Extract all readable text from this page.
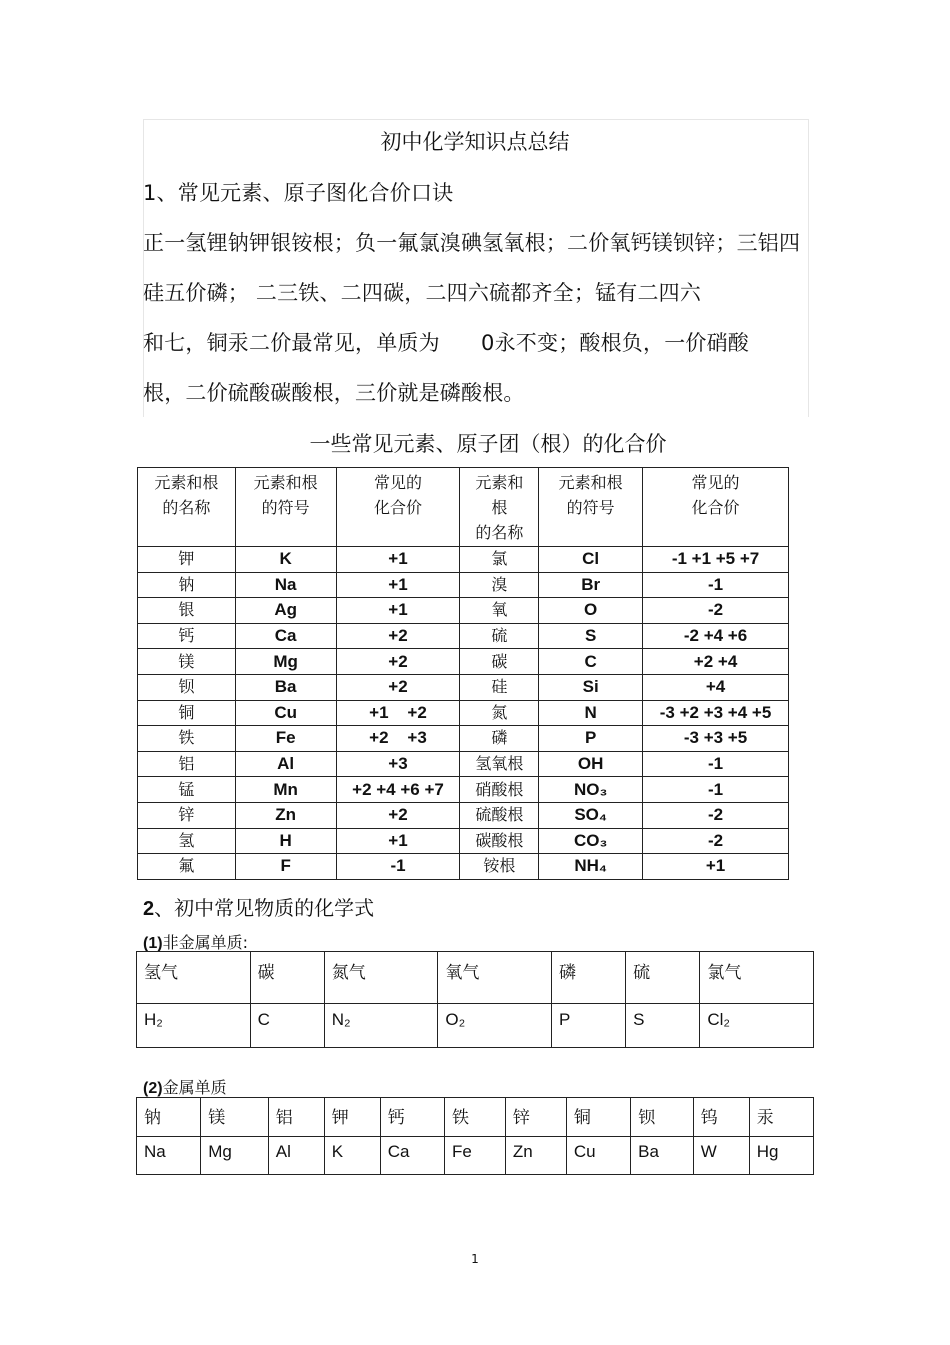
初中化学知识点总结
1、常见元素、原子图化合价口诀
正一氢锂钠钾银铵根；负一氟氯溴碘氢氧根；二价氧钙镁钡锌；三铝四
硅五价磷； 二三铁、二四碳，二四六硫都齐全；锰有二四六
和七，铜汞二价最常见，单质为      0永不变；酸根负，一价硝酸
根，二价硫酸碳酸根，三价就是磷酸根。
一些常见元素、原子团（根）的化合价
元素和根
的名称	元素和根
的符号	常见的
化合价	元素和
根
的名称	元素和根
的符号	常见的
化合价
钾	K	+1	氯	Cl	-1 +1 +5 +7
钠	Na	+1	溴	Br	-1
银	Ag	+1	氧	O	-2
钙	Ca	+2	硫	S	-2 +4 +6
镁	Mg	+2	碳	C	+2 +4
钡	Ba	+2	硅	Si	+4
铜	Cu	+1    +2	氮	N	-3 +2 +3 +4 +5
铁	Fe	+2    +3	磷	P	-3 +3 +5
铝	Al	+3	氢氧根	OH	-1
锰	Mn	+2 +4 +6 +7	硝酸根	NO₃	-1
锌	Zn	+2	硫酸根	SO₄	-2
氢	H	+1	碳酸根	CO₃	-2
氟	F	-1	铵根	NH₄	+1
2、初中常见物质的化学式
(1)非金属单质:
氢气	碳	氮气	氧气	磷	硫	氯气
H₂	C	N₂	O₂	P	S	Cl₂
(2)金属单质
钠	镁	铝	钾	钙	铁	锌	铜	钡	钨	汞
Na	Mg	Al	K	Ca	Fe	Zn	Cu	Ba	W	Hg
1
